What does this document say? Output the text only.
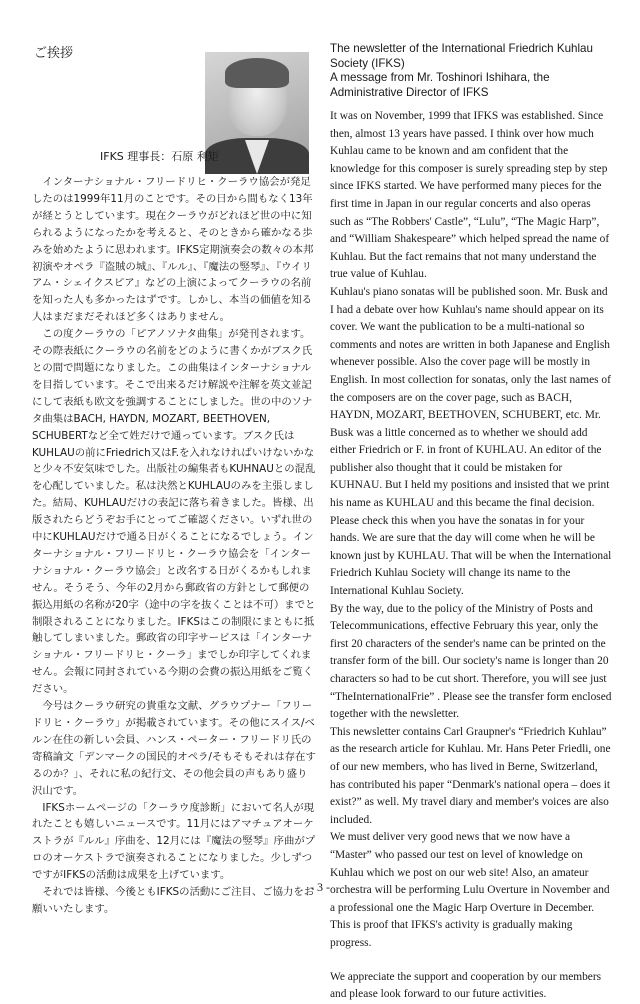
ご挨拶
IFKS 理事長：石原 利矩

　インターナショナル・フリードリヒ・クーラウ協会が発足したのは1999年11月のことです。その日から間もなく13年が経とうとしています。現在クーラウがどれほど世の中に知られるようになったかを考えると、そのときから確かなる歩みを始めたように思われます。IFKS定期演奏会の数々の本邦初演やオペラ『盗賊の城』、『ルル』、『魔法の竪琴』、『ウイリアム・シェイクスピア』などの上演によってクーラウの名前を知った人も多かったはずです。しかし、本当の価値を知る人はまだまだそれほど多くはありません。

　この度クーラウの「ピアノソナタ曲集」が発刊されます。その際表紙にクーラウの名前をどのように書くかがブスク氏との間で問題になりました。この曲集はインターナショナルを目指しています。そこで出来るだけ解説や注解を英文並記にして表紙も欧文を強調することにしました。世の中のソナタ曲集はBACH, HAYDN, MOZART, BEETHOVEN, SCHUBERTなど全て姓だけで通っています。ブスク氏はKUHLAUの前にFriedrich又はF.を入れなければいけないかなと少々不安気味でした。出版社の編集者もKUHNAUとの混乱を心配していました。私は決然とKUHLAUのみを主張しました。結局、KUHLAUだけの表記に落ち着きました。皆様、出版されたらどうぞお手にとってご確認ください。いずれ世の中にKUHLAUだけで通る日がくることになるでしょう。インターナショナル・フリードリヒ・クーラウ協会を「インターナショナル・クーラウ協会」と改名する日がくるかもしれません。そうそう、今年の2月から郵政省の方針として郵便の振込用紙の名称が20字（途中の字を抜くことは不可）までと制限されることになりました。IFKSはこの制限にまともに抵触してしまいました。郵政省の印字サービスは「インターナショナル・フリードリヒ・クーラ」までしか印字してくれません。会報に同封されている今期の会費の振込用紙をご覧ください。

　今号はクーラウ研究の貴重な文献、グラウプナー「フリードリヒ・クーラウ」が掲載されています。その他にスイス/ベルン在住の新しい会員、ハンス・ペーター・フリードリ氏の寄稿論文「デンマークの国民的オペラ/そもそもそれは存在するのか？」、それに私の紀行文、その他会員の声もあり盛り沢山です。

　IFKSホームページの「クーラウ度診断」において名人が現れたことも嬉しいニュースです。11月にはアマチュアオーケストラが『ルル』序曲を、12月には『魔法の竪琴』序曲がプロのオーケストラで演奏されることになりました。少しずつですがIFKSの活動は成果を上げています。

　それでは皆様、今後ともIFKSの活動にご注目、ご協力をお願いいたします。

The newsletter of the International Friedrich Kuhlau
Society (IFKS)
A message from Mr. Toshinori Ishihara, the
Administrative Director of IFKS

It was on November, 1999 that IFKS was established. Since then, almost 13 years have passed. I think over how much Kuhlau came to be known and am confident that the knowledge for this composer is surely spreading step by step since IFKS started. We have performed many pieces for the first time in Japan in our regular concerts and also operas such as “The Robbers' Castle”, “Lulu”, “The Magic Harp”, and “William Shakespeare” which helped spread the name of Kuhlau. But the fact remains that not many understand the true value of Kuhlau.

Kuhlau's piano sonatas will be published soon. Mr. Busk and I had a debate over how Kuhlau's name should appear on its cover. We want the publication to be a multi-national so comments and notes are written in both Japanese and English whenever possible. Also the cover page will be mostly in English. In most collection for sonatas, only the last names of the composers are on the cover page, such as BACH, HAYDN, MOZART, BEETHOVEN, SCHUBERT, etc. Mr. Busk was a little concerned as to whether we should add either Friedrich or F. in front of KUHLAU. An editor of the publisher also thought that it could be mistaken for KUHNAU. But I held my positions and insisted that we print his name as KUHLAU and this became the final decision. Please check this when you have the sonatas in for your hands. We are sure that the day will come when he will be known just by KUHLAU. That will be when the International Friedrich Kuhlau Society will change its name to the International Kuhlau Society.

By the way, due to the policy of the Ministry of Posts and Telecommunications, effective February this year, only the first 20 characters of the sender's name can be printed on the transfer form of the bill. Our society's name is longer than 20 characters so had to be cut short. Therefore, you will see just “TheInternationalFrie” . Please see the transfer form enclosed together with the newsletter.

This newsletter contains Carl Graupner's “Friedrich Kuhlau” as the research article for Kuhlau. Mr. Hans Peter Friedli, one of our new members, who has lived in Berne, Switzerland, has contributed his paper “Denmark's national opera – does it exist?” as well. My travel diary and member's voices are also included.

We must deliver very good news that we now have a “Master” who passed our test on level of knowledge on Kuhlau which we post on our web site! Also, an amateur orchestra will be performing Lulu Overture in November and a professional one the Magic Harp Overture in December. This is proof that IFKS's activity is gradually making progress.

We appreciate the support and cooperation by our members and please look forward to our future activities.

- 3 -
